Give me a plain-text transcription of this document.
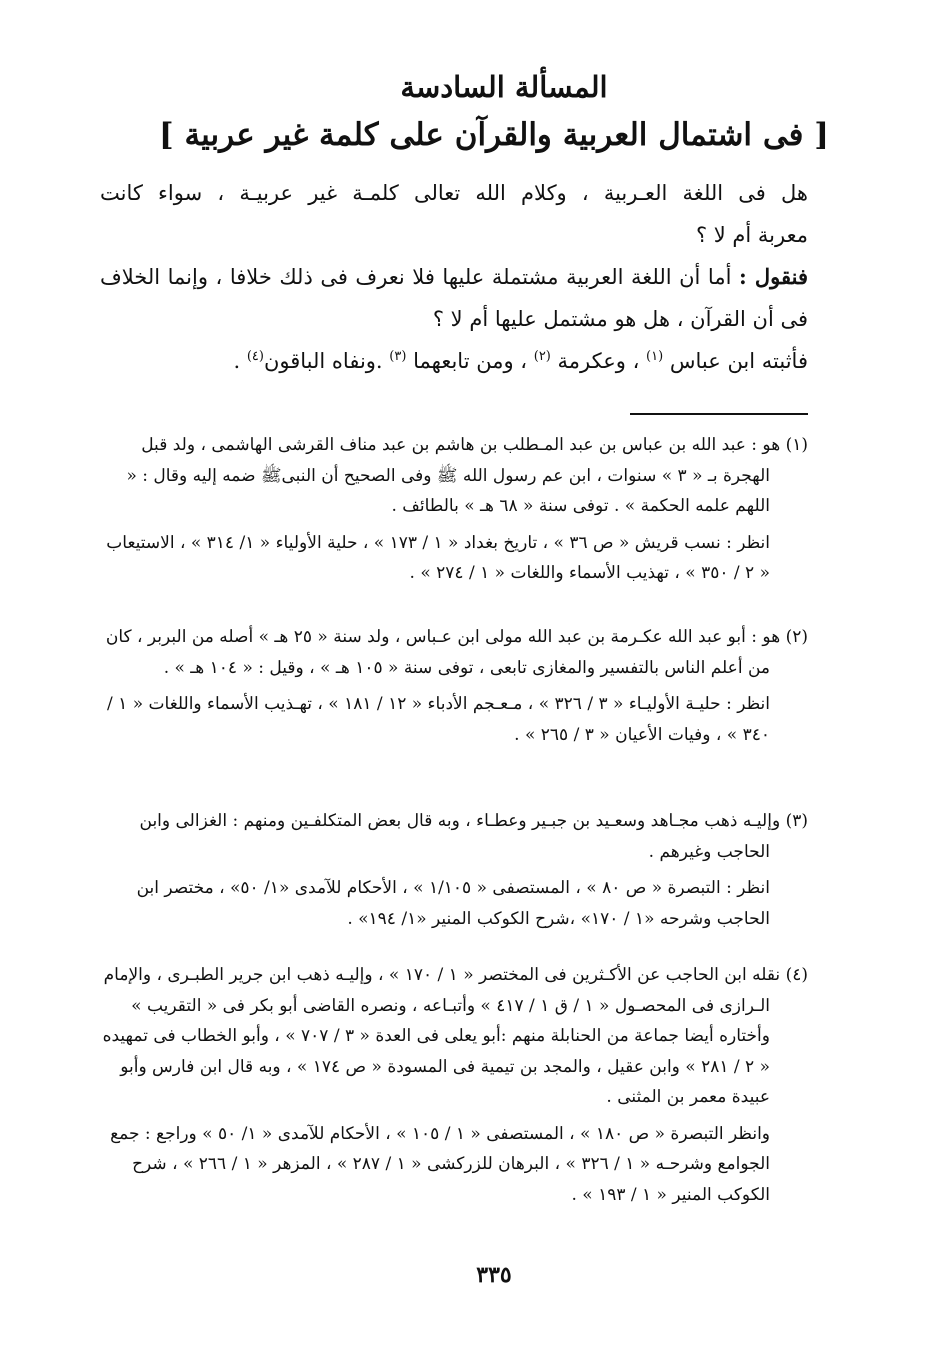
المسألة السادسة
[ فى اشتمال العربية والقرآن على كلمة غير عربية ]
هل فى اللغة العـربية ، وكلام الله تعالى كلمـة غير عربيـة ، سواء كانت
معربة أم لا ؟
فنقول : أما أن اللغة العربية مشتملة عليها فلا نعرف فى ذلك خلافا ، وإنما الخلاف فى أن القرآن ، هل هو مشتمل عليها أم لا ؟
فأثبته ابن عباس $^{(١)}$ ، وعكرمة $^{(٢)}$ ، ومن تابعهما $^{(٣)}$ .ونفاه الباقون$^{(٤)}$ .

(١) هو : عبد الله بن عباس بن عبد المـطلب بن هاشم بن عبد مناف القرشى الهاشمى ، ولد قبل الهجرة بـ « ٣ » سنوات ، ابن عم رسول الله ﷺ وفى الصحيح أن النبىﷺ ضمه إليه وقال : « اللهم علمه الحكمة » . توفى سنة « ٦٨ هـ » بالطائف .

انظر : نسب قريش « ص ٣٦ » ، تاريخ بغداد « ١ / ١٧٣ » ، حلية الأولياء « ١/ ٣١٤ » ، الاستيعاب « ٢ / ٣٥٠ » ، تهذيب الأسماء واللغات « ١ / ٢٧٤ » .

(٢) هو : أبو عبد الله عكـرمة بن عبد الله مولى ابن عـباس ، ولد سنة « ٢٥ هـ » أصله من البربر ، كان من أعلم الناس بالتفسير والمغازى تابعى ، توفى سنة « ١٠٥ هـ » ، وقيل : « ١٠٤ هـ » .

انظر : حليـة الأوليـاء « ٣ / ٣٢٦ » ، مـعـجم الأدباء « ١٢ / ١٨١ » ، تهـذيب الأسماء واللغات « ١ / ٣٤٠ » ، وفيات الأعيان « ٣ / ٢٦٥ » .

(٣) وإليـه ذهب مجـاهد وسعـيد بن جبـير وعطـاء ، وبه قال بعض المتكلفـين ومنهم : الغزالى وابن الحاجب وغيرهم .

انظر : التبصرة « ص ٨٠ » ، المستصفى « ١/١٠٥ » ، الأحكام للآمدى «١/ ٥٠» ، مختصر ابن الحاجب وشرحه «١ / ١٧٠» ،شرح الكوكب المنير «١/ ١٩٤» .

(٤) نقله ابن الحاجب عن الأكـثرين فى المختصر « ١ / ١٧٠ » ، وإليـه ذهب ابن جرير الطبـرى ، والإمام الـرازى فى المحصـول « ١ / ق ١ / ٤١٧ » وأتبـاعه ، ونصره القاضى أبو بكر فى « التقريب » وأختاره أيضا جماعة من الحنابلة منهم :أبو يعلى فى العدة « ٣ / ٧٠٧ » ، وأبو الخطاب فى تمهيده « ٢ / ٢٨١ » وابن عقيل ، والمجد بن تيمية فى المسودة « ص ١٧٤ » ، وبه قال ابن فارس وأبو عبيدة معمر بن المثنى .

وانظر التبصرة « ص ١٨٠ » ، المستصفى « ١ / ١٠٥ » ، الأحكام للآمدى « ١/ ٥٠ » وراجع : جمع الجوامع وشرحـه « ١ / ٣٢٦ » ، البرهان للزركشى « ١ / ٢٨٧ » ، المزهر « ١ / ٢٦٦ » ، شرح الكوكب المنير « ١ / ١٩٣ » .

٣٣٥
